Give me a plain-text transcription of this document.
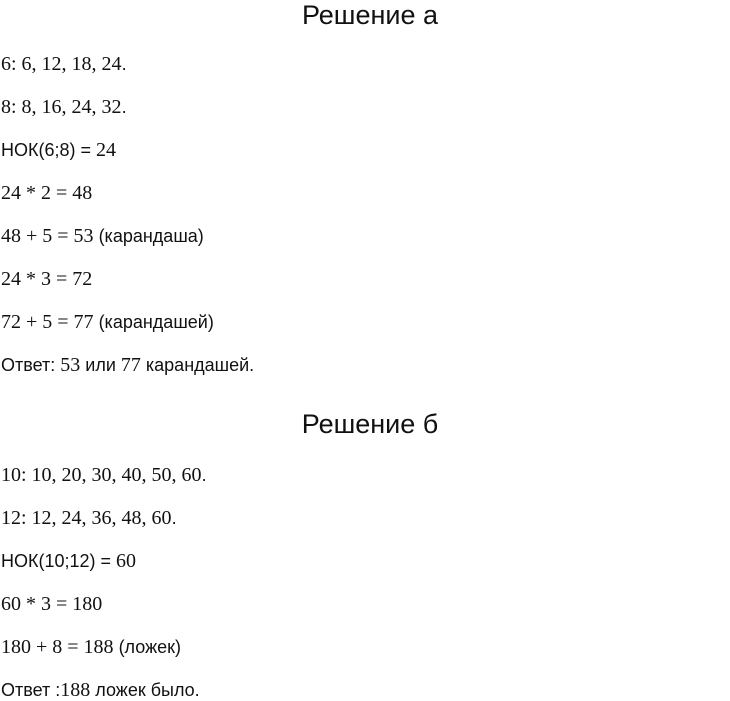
Решение а

6: 6, 12, 18, 24.

8: 8, 16, 24, 32.

НОК(6;8) = 24

24 * 2 = 48

48 + 5 = 53 (карандаша)

24 * 3 = 72

72 + 5 = 77 (карандашей)

Ответ: 53 или 77 карандашей.

Решение б

10: 10, 20, 30, 40, 50, 60.

12: 12, 24, 36, 48, 60.

НОК(10;12) = 60

60 * 3 = 180

180 + 8 = 188 (ложек)

Ответ :188 ложек было.
